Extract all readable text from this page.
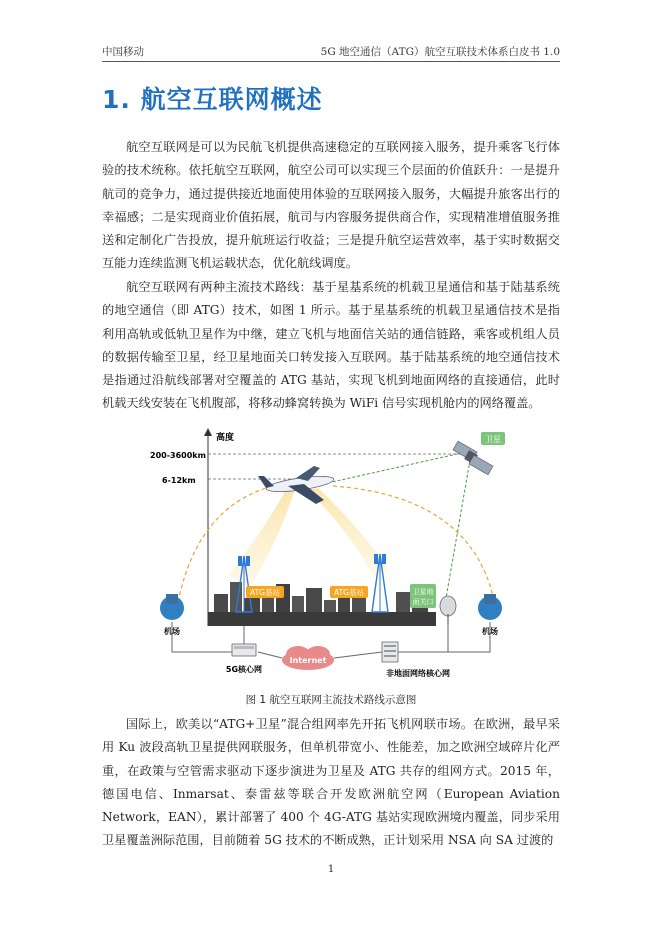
中国移动	5G 地空通信（ATG）航空互联技术体系白皮书 1.0
1. 航空互联网概述

航空互联网是可以为民航飞机提供高速稳定的互联网接入服务，提升乘客飞行体验的技术统称。依托航空互联网，航空公司可以实现三个层面的价值跃升：一是提升航司的竞争力，通过提供接近地面使用体验的互联网接入服务，大幅提升旅客出行的幸福感；二是实现商业价值拓展，航司与内容服务提供商合作，实现精准增值服务推送和定制化广告投放，提升航班运行收益；三是提升航空运营效率，基于实时数据交互能力连续监测飞机运载状态，优化航线调度。

航空互联网有两种主流技术路线：基于星基系统的机载卫星通信和基于陆基系统的地空通信（即 ATG）技术，如图 1 所示。基于星基系统的机载卫星通信技术是指利用高轨或低轨卫星作为中继，建立飞机与地面信关站的通信链路，乘客或机组人员的数据传输至卫星，经卫星地面关口转发接入互联网。基于陆基系统的地空通信技术是指通过沿航线部署对空覆盖的 ATG 基站，实现飞机到地面网络的直接通信，此时机载天线安装在飞机腹部，将移动蜂窝转换为 WiFi 信号实现机舱内的网络覆盖。

高度
200-3600km
6-12km
卫星
ATG基站	ATG基站	卫星地
面关口
机场	机场
5G核心网
Internet
非地面网络核心网
图 1 航空互联网主流技术路线示意图

国际上，欧美以“ATG+卫星”混合组网率先开拓飞机网联市场。在欧洲，最早采用 Ku 波段高轨卫星提供网联服务，但单机带宽小、性能差，加之欧洲空域碎片化严重，在政策与空管需求驱动下逐步演进为卫星及 ATG 共存的组网方式。2015 年，德国电信、Inmarsat、泰雷兹等联合开发欧洲航空网（European Aviation Network，EAN），累计部署了 400 个 4G-ATG 基站实现欧洲境内覆盖，同步采用卫星覆盖洲际范围，目前随着 5G 技术的不断成熟，正计划采用 NSA 向 SA 过渡的

1
